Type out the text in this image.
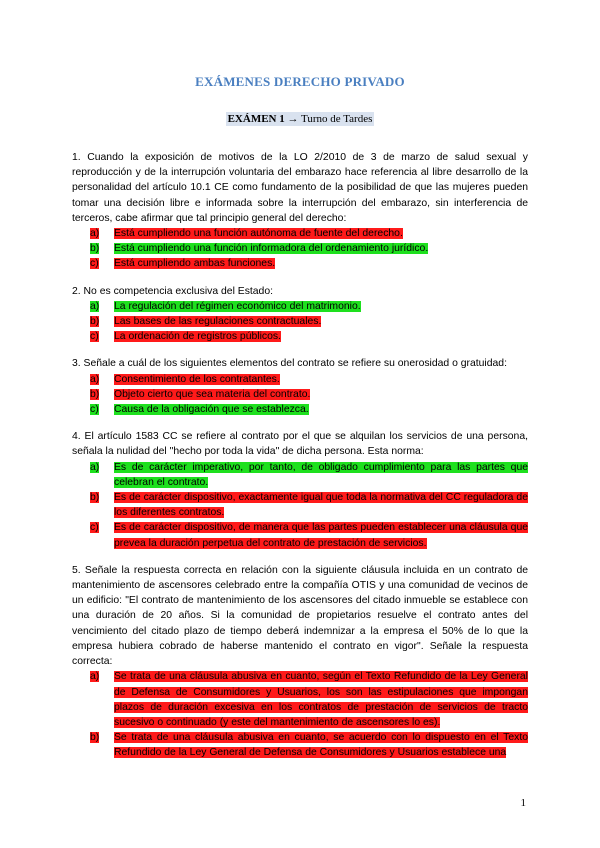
EXÁMENES DERECHO PRIVADO
EXÁMEN 1 → Turno de Tardes

1. Cuando la exposición de motivos de la LO 2/2010 de 3 de marzo de salud sexual y reproducción y de la interrupción voluntaria del embarazo hace referencia al libre desarrollo de la personalidad del artículo 10.1 CE como fundamento de la posibilidad de que las mujeres pueden tomar una decisión libre e informada sobre la interrupción del embarazo, sin interferencia de terceros, cabe afirmar que tal principio general del derecho:

a)	Está cumpliendo una función autónoma de fuente del derecho.
b)	Está cumpliendo una función informadora del ordenamiento jurídico.
c)	Está cumpliendo ambas funciones.

2. No es competencia exclusiva del Estado:

a)	La regulación del régimen económico del matrimonio.
b)	Las bases de las regulaciones contractuales.
c)	La ordenación de registros públicos.

3. Señale a cuál de los siguientes elementos del contrato se refiere su onerosidad o gratuidad:

a)	Consentimiento de los contratantes.
b)	Objeto cierto que sea materia del contrato.
c)	Causa de la obligación que se establezca.

4. El artículo 1583 CC se refiere al contrato por el que se alquilan los servicios de una persona, señala la nulidad del "hecho por toda la vida" de dicha persona. Esta norma:

a)	Es de carácter imperativo, por tanto, de obligado cumplimiento para las partes que celebran el contrato.
b)	Es de carácter dispositivo, exactamente igual que toda la normativa del CC reguladora de los diferentes contratos.
c)	Es de carácter dispositivo, de manera que las partes pueden establecer una cláusula que prevea la duración perpetua del contrato de prestación de servicios.

5. Señale la respuesta correcta en relación con la siguiente cláusula incluida en un contrato de mantenimiento de ascensores celebrado entre la compañía OTIS y una comunidad de vecinos de un edificio: "El contrato de mantenimiento de los ascensores del citado inmueble se establece con una duración de 20 años. Si la comunidad de propietarios resuelve el contrato antes del vencimiento del citado plazo de tiempo deberá indemnizar a la empresa el 50% de lo que la empresa hubiera cobrado de haberse mantenido el contrato en vigor". Señale la respuesta correcta:

a)	Se trata de una cláusula abusiva en cuanto, según el Texto Refundido de la Ley General de Defensa de Consumidores y Usuarios, los son las estipulaciones que impongan plazos de duración excesiva en los contratos de prestación de servicios de tracto sucesivo o continuado (y este del mantenimiento de ascensores lo es).
b)	Se trata de una cláusula abusiva en cuanto, se acuerdo con lo dispuesto en el Texto Refundido de la Ley General de Defensa de Consumidores y Usuarios establece una
1
